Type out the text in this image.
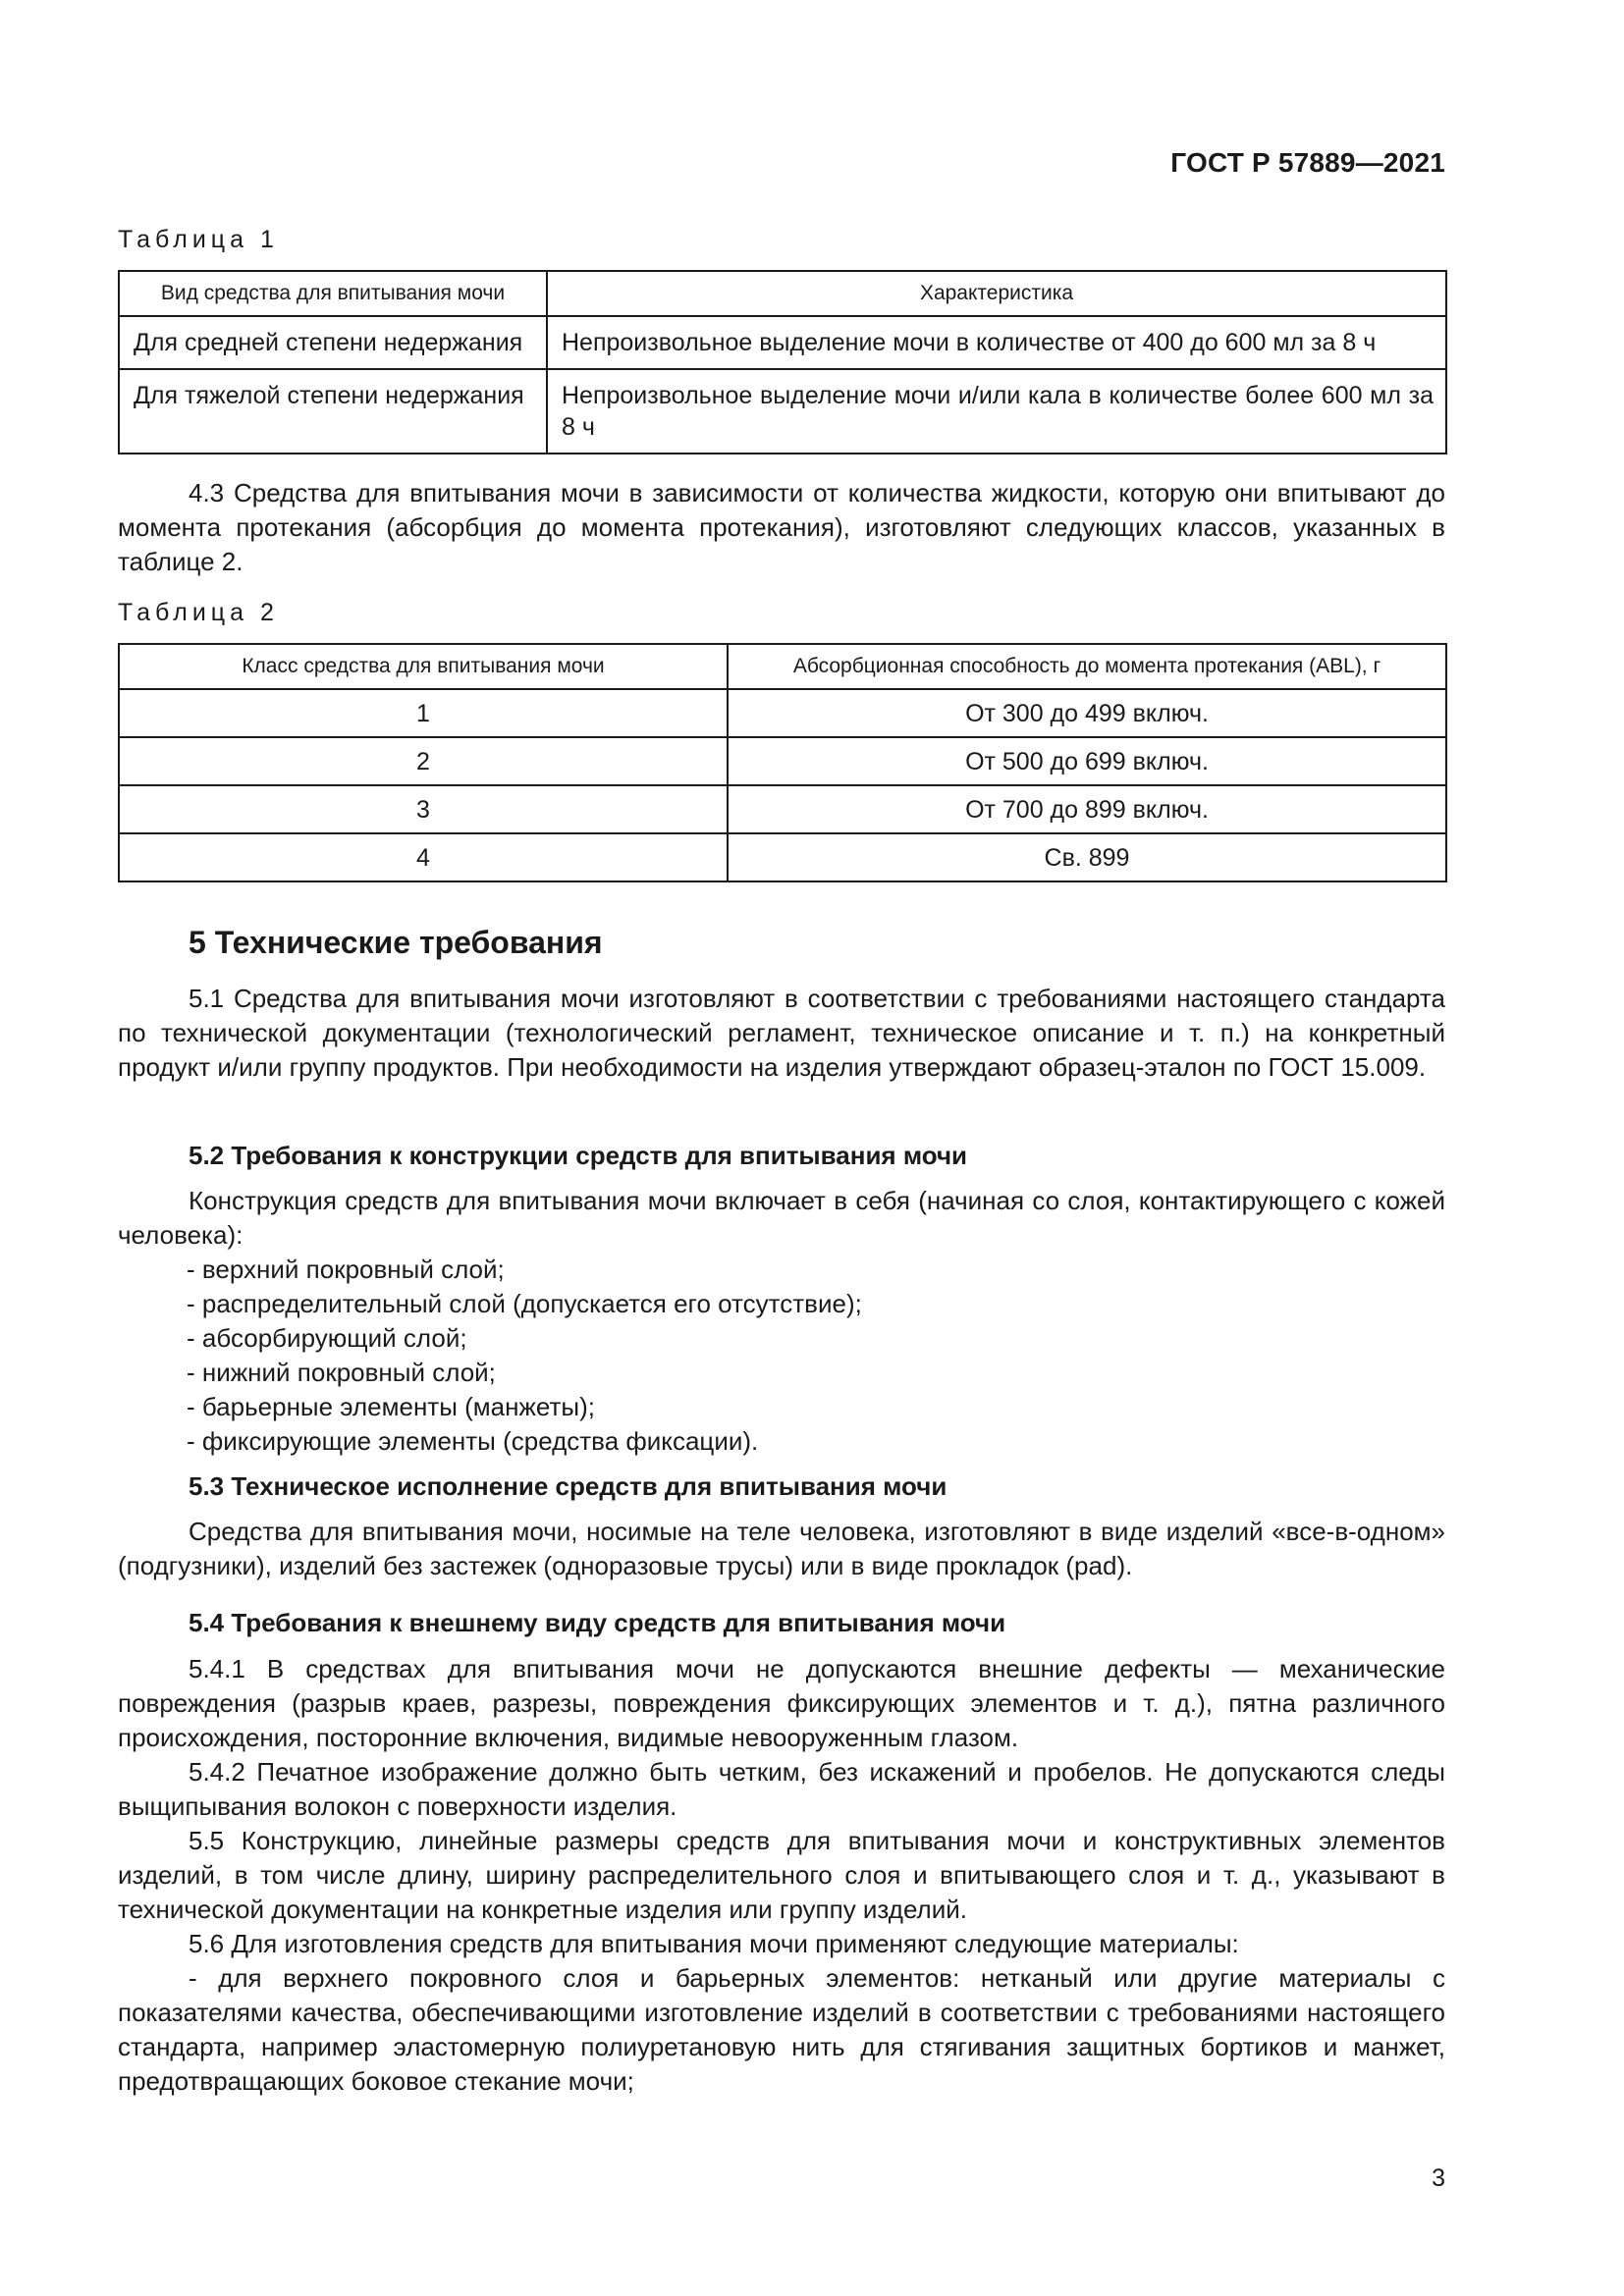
ГОСТ Р 57889—2021
Таблица 1
Вид средства для впитывания мочи	Характеристика
Для средней степени недержания	Непроизвольное выделение мочи в количестве от 400 до 600 мл за 8 ч
Для тяжелой степени недержания	Непроизвольное выделение мочи и/или кала в количестве более 600 мл за 8 ч
4.3 Средства для впитывания мочи в зависимости от количества жидкости, которую они впитывают до момента протекания (абсорбция до момента протекания), изготовляют следующих классов, указанных в таблице 2.
Таблица 2
Класс средства для впитывания мочи	Абсорбционная способность до момента протекания (ABL), г
1	От 300 до 499 включ.
2	От 500 до 699 включ.
3	От 700 до 899 включ.
4	Св. 899
5 Технические требования
5.1 Средства для впитывания мочи изготовляют в соответствии с требованиями настоящего стандарта по технической документации (технологический регламент, техническое описание и т. п.) на конкретный продукт и/или группу продуктов. При необходимости на изделия утверждают образец-эталон по ГОСТ 15.009.
5.2 Требования к конструкции средств для впитывания мочи
Конструкция средств для впитывания мочи включает в себя (начиная со слоя, контактирующего с кожей человека):
- верхний покровный слой;
- распределительный слой (допускается его отсутствие);
- абсорбирующий слой;
- нижний покровный слой;
- барьерные элементы (манжеты);
- фиксирующие элементы (средства фиксации).
5.3 Техническое исполнение средств для впитывания мочи
Средства для впитывания мочи, носимые на теле человека, изготовляют в виде изделий «все-в-одном» (подгузники), изделий без застежек (одноразовые трусы) или в виде прокладок (pad).
5.4 Требования к внешнему виду средств для впитывания мочи
5.4.1 В средствах для впитывания мочи не допускаются внешние дефекты — механические повреждения (разрыв краев, разрезы, повреждения фиксирующих элементов и т. д.), пятна различного происхождения, посторонние включения, видимые невооруженным глазом.
5.4.2 Печатное изображение должно быть четким, без искажений и пробелов. Не допускаются следы выщипывания волокон с поверхности изделия.
5.5 Конструкцию, линейные размеры средств для впитывания мочи и конструктивных элементов изделий, в том числе длину, ширину распределительного слоя и впитывающего слоя и т. д., указывают в технической документации на конкретные изделия или группу изделий.
5.6 Для изготовления средств для впитывания мочи применяют следующие материалы:
- для верхнего покровного слоя и барьерных элементов: нетканый или другие материалы с показателями качества, обеспечивающими изготовление изделий в соответствии с требованиями настоящего стандарта, например эластомерную полиуретановую нить для стягивания защитных бортиков и манжет, предотвращающих боковое стекание мочи;
3
